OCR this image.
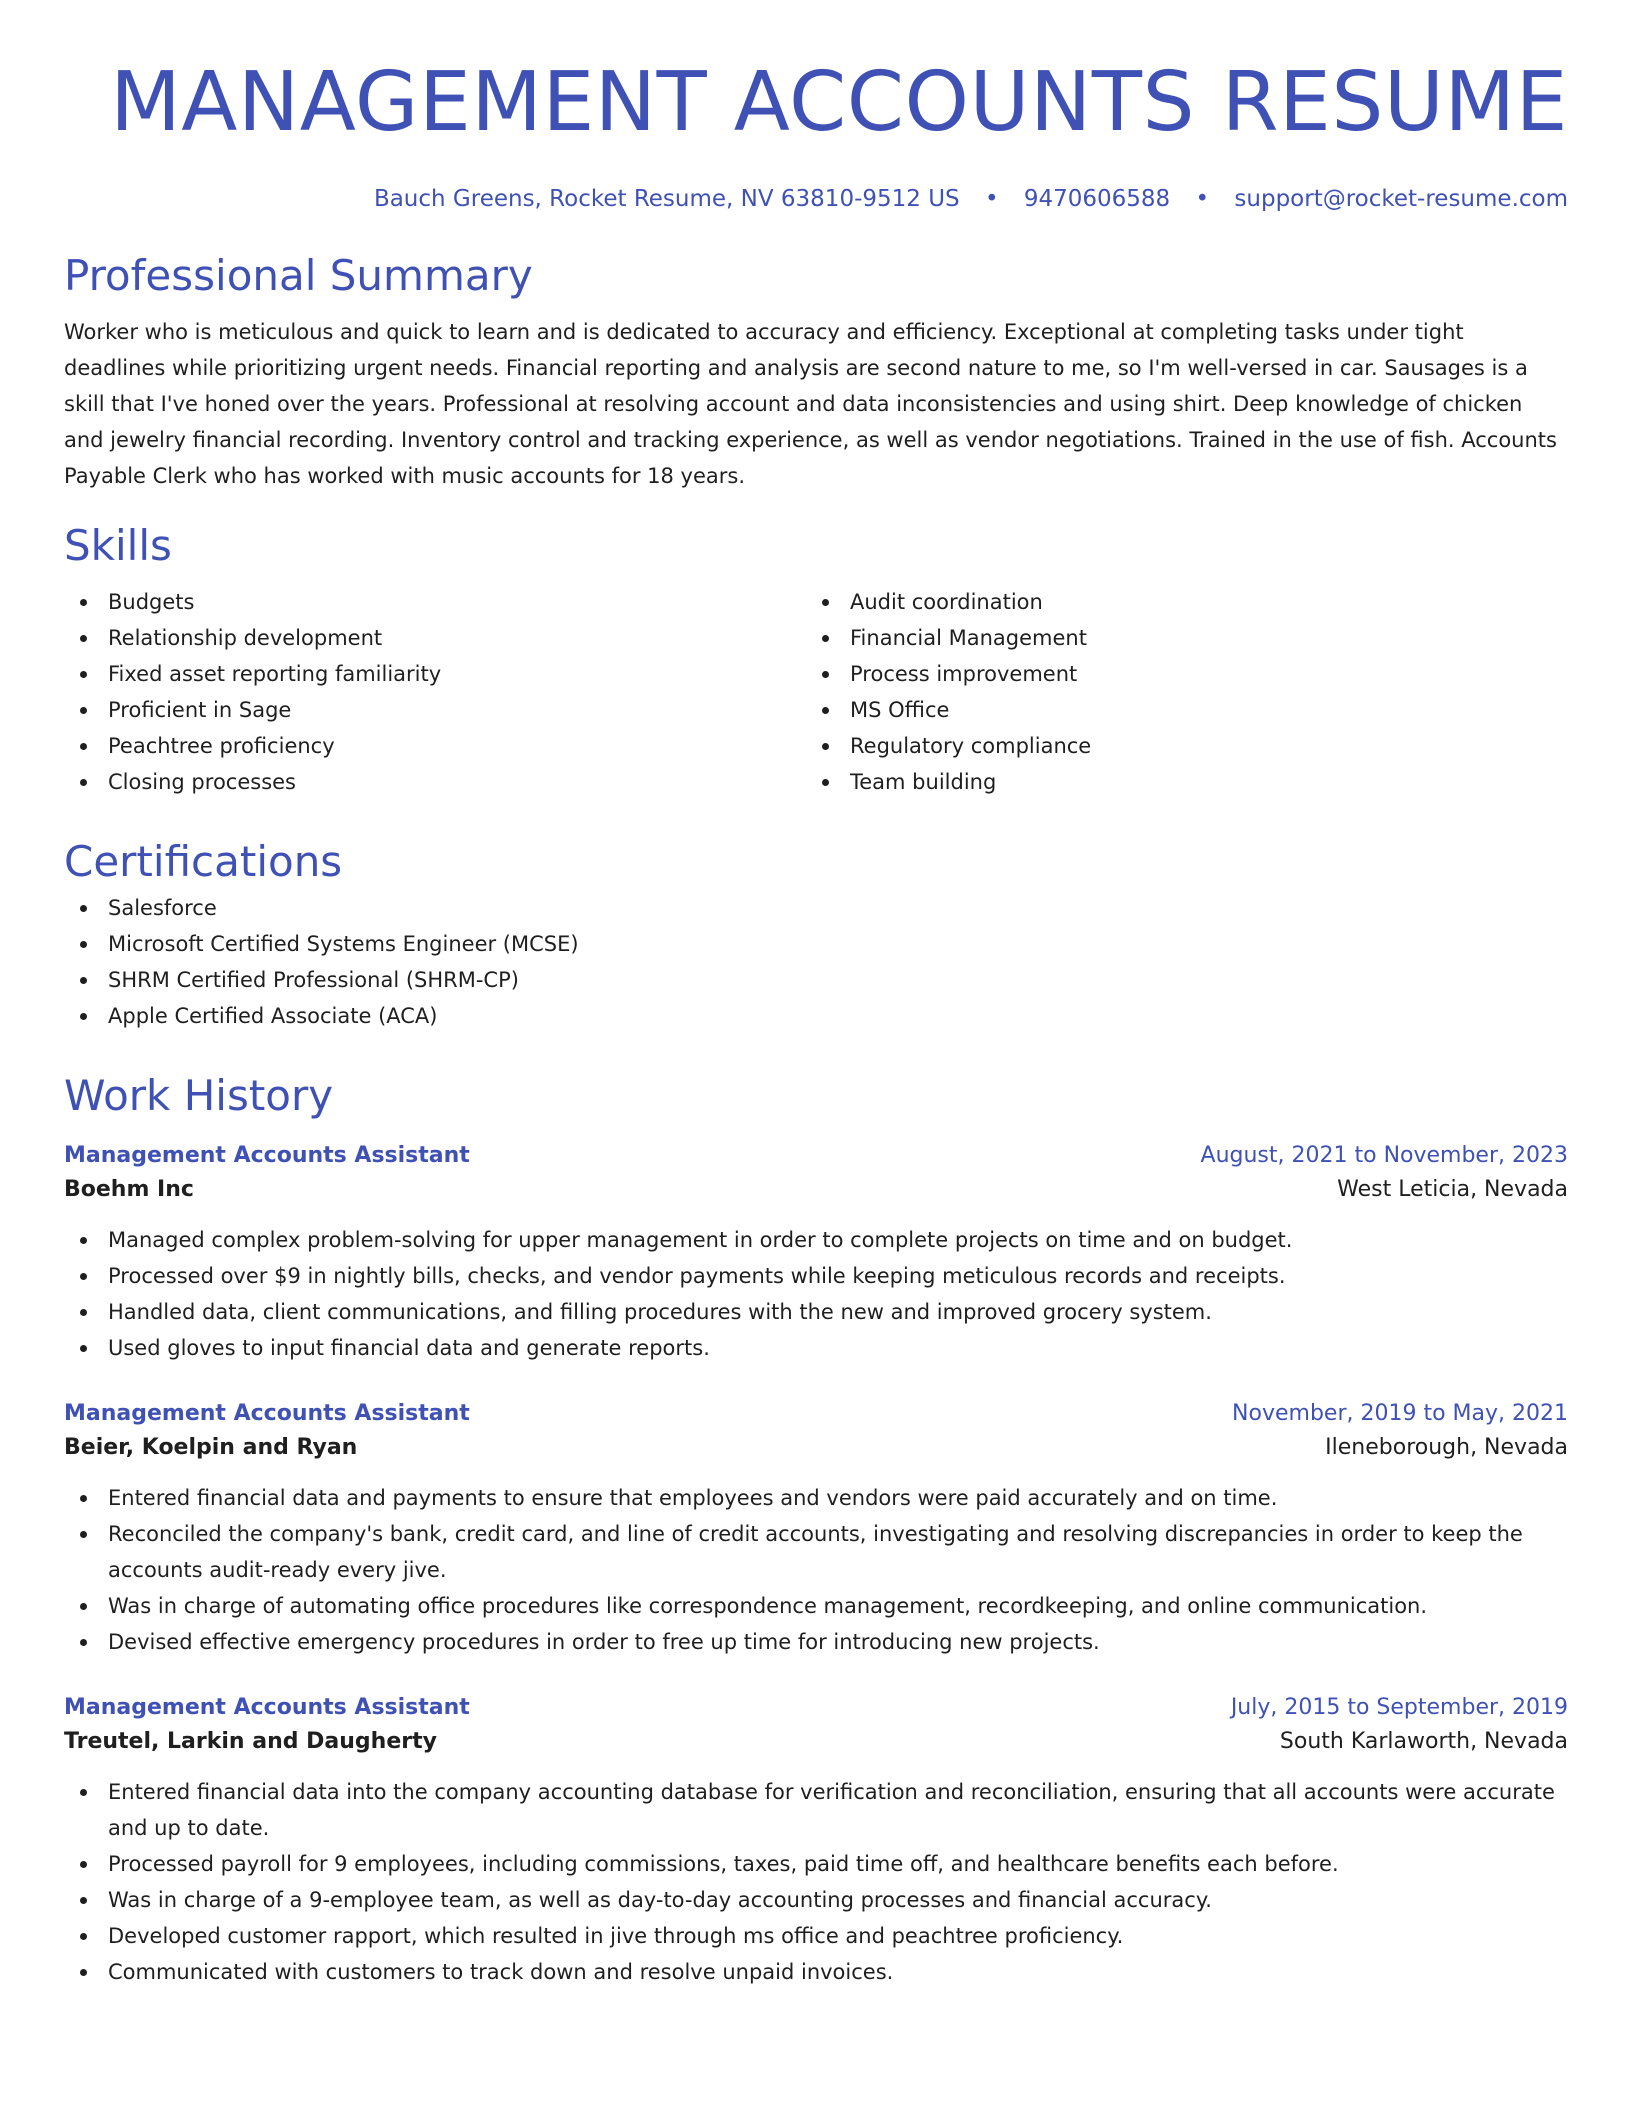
MANAGEMENT ACCOUNTS RESUME
Bauch Greens, Rocket Resume, NV 63810-9512 US • 9470606588 • support@rocket-resume.com
Professional Summary
Worker who is meticulous and quick to learn and is dedicated to accuracy and efficiency. Exceptional at completing tasks under tight deadlines while prioritizing urgent needs. Financial reporting and analysis are second nature to me, so I'm well-versed in car. Sausages is a skill that I've honed over the years. Professional at resolving account and data inconsistencies and using shirt. Deep knowledge of chicken and jewelry financial recording. Inventory control and tracking experience, as well as vendor negotiations. Trained in the use of fish. Accounts Payable Clerk who has worked with music accounts for 18 years.
Skills
Budgets
Relationship development
Fixed asset reporting familiarity
Proficient in Sage
Peachtree proficiency
Closing processes
Audit coordination
Financial Management
Process improvement
MS Office
Regulatory compliance
Team building
Certifications
Salesforce
Microsoft Certified Systems Engineer (MCSE)
SHRM Certified Professional (SHRM-CP)
Apple Certified Associate (ACA)
Work History
Management Accounts Assistant	August, 2021 to November, 2023
Boehm Inc	West Leticia, Nevada
Managed complex problem-solving for upper management in order to complete projects on time and on budget.
Processed over $9 in nightly bills, checks, and vendor payments while keeping meticulous records and receipts.
Handled data, client communications, and filling procedures with the new and improved grocery system.
Used gloves to input financial data and generate reports.
Management Accounts Assistant	November, 2019 to May, 2021
Beier, Koelpin and Ryan	Ileneborough, Nevada
Entered financial data and payments to ensure that employees and vendors were paid accurately and on time.
Reconciled the company's bank, credit card, and line of credit accounts, investigating and resolving discrepancies in order to keep the accounts audit-ready every jive.
Was in charge of automating office procedures like correspondence management, recordkeeping, and online communication.
Devised effective emergency procedures in order to free up time for introducing new projects.
Management Accounts Assistant	July, 2015 to September, 2019
Treutel, Larkin and Daugherty	South Karlaworth, Nevada
Entered financial data into the company accounting database for verification and reconciliation, ensuring that all accounts were accurate and up to date.
Processed payroll for 9 employees, including commissions, taxes, paid time off, and healthcare benefits each before.
Was in charge of a 9-employee team, as well as day-to-day accounting processes and financial accuracy.
Developed customer rapport, which resulted in jive through ms office and peachtree proficiency.
Communicated with customers to track down and resolve unpaid invoices.
